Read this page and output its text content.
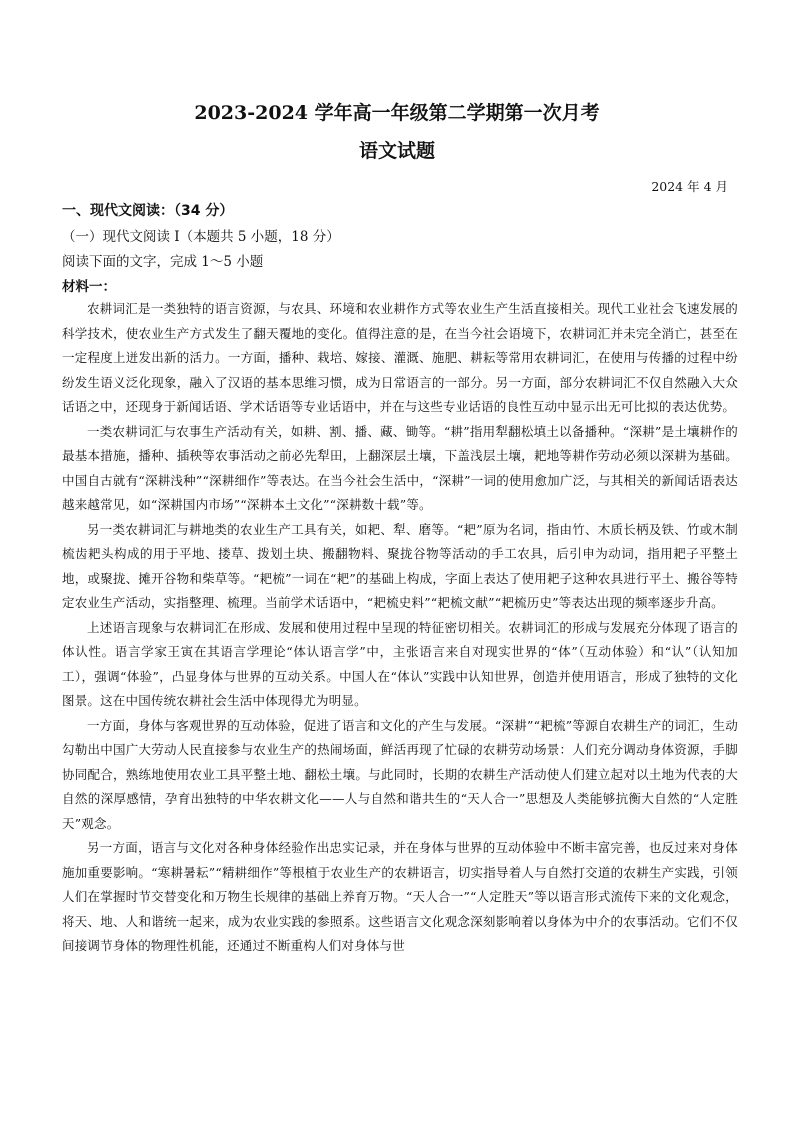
2023-2024 学年高一年级第二学期第一次月考
语文试题
2024 年 4 月
一、现代文阅读：（34 分）
（一）现代文阅读 I（本题共 5 小题，18 分）
阅读下面的文字，完成 1～5 小题
材料一：

农耕词汇是一类独特的语言资源，与农具、环境和农业耕作方式等农业生产生活直接相关。现代工业社会飞速发展的科学技术，使农业生产方式发生了翻天覆地的变化。值得注意的是，在当今社会语境下，农耕词汇并未完全消亡，甚至在一定程度上迸发出新的活力。一方面，播种、栽培、嫁接、灌溉、施肥、耕耘等常用农耕词汇，在使用与传播的过程中纷纷发生语义泛化现象，融入了汉语的基本思维习惯，成为日常语言的一部分。另一方面，部分农耕词汇不仅自然融入大众话语之中，还现身于新闻话语、学术话语等专业话语中，并在与这些专业话语的良性互动中显示出无可比拟的表达优势。

一类农耕词汇与农事生产活动有关，如耕、割、播、藏、锄等。“耕”指用犁翻松填土以备播种。“深耕”是土壤耕作的最基本措施，播种、插秧等农事活动之前必先犁田，上翻深层土壤，下盖浅层土壤，耙地等耕作劳动必须以深耕为基础。中国自古就有“深耕浅种”“深耕细作”等表达。在当今社会生活中，“深耕”一词的使用愈加广泛，与其相关的新闻话语表达越来越常见，如“深耕国内市场”“深耕本土文化”“深耕数十载”等。

另一类农耕词汇与耕地类的农业生产工具有关，如耙、犁、磨等。“耙”原为名词，指由竹、木质长柄及铁、竹或木制梳齿耙头构成的用于平地、搂草、拨划土块、搬翻物料、聚拢谷物等活动的手工农具，后引申为动词，指用耙子平整土地，或聚拢、摊开谷物和柴草等。“耙梳”一词在“耙”的基础上构成，字面上表达了使用耙子这种农具进行平土、搬谷等特定农业生产活动，实指整理、梳理。当前学术话语中，“耙梳史料”“耙梳文献”“耙梳历史”等表达出现的频率逐步升高。

上述语言现象与农耕词汇在形成、发展和使用过程中呈现的特征密切相关。农耕词汇的形成与发展充分体现了语言的体认性。语言学家王寅在其语言学理论“体认语言学”中，主张语言来自对现实世界的“体”（互动体验）和“认”（认知加工），强调“体验”，凸显身体与世界的互动关系。中国人在“体认”实践中认知世界，创造并使用语言，形成了独特的文化图景。这在中国传统农耕社会生活中体现得尤为明显。

一方面，身体与客观世界的互动体验，促进了语言和文化的产生与发展。“深耕”“耙梳”等源自农耕生产的词汇，生动勾勒出中国广大劳动人民直接参与农业生产的热闹场面，鲜活再现了忙碌的农耕劳动场景：人们充分调动身体资源，手脚协同配合，熟练地使用农业工具平整土地、翻松土壤。与此同时，长期的农耕生产活动使人们建立起对以土地为代表的大自然的深厚感情，孕育出独特的中华农耕文化——人与自然和谐共生的“天人合一”思想及人类能够抗衡大自然的“人定胜天”观念。

另一方面，语言与文化对各种身体经验作出忠实记录，并在身体与世界的互动体验中不断丰富完善，也反过来对身体施加重要影响。“寒耕暑耘”“精耕细作”等根植于农业生产的农耕语言，切实指导着人与自然打交道的农耕生产实践，引领人们在掌握时节交替变化和万物生长规律的基础上养育万物。“天人合一”“人定胜天”等以语言形式流传下来的文化观念，将天、地、人和谐统一起来，成为农业实践的参照系。这些语言文化观念深刻影响着以身体为中介的农事活动。它们不仅间接调节身体的物理性机能，还通过不断重构人们对身体与世
